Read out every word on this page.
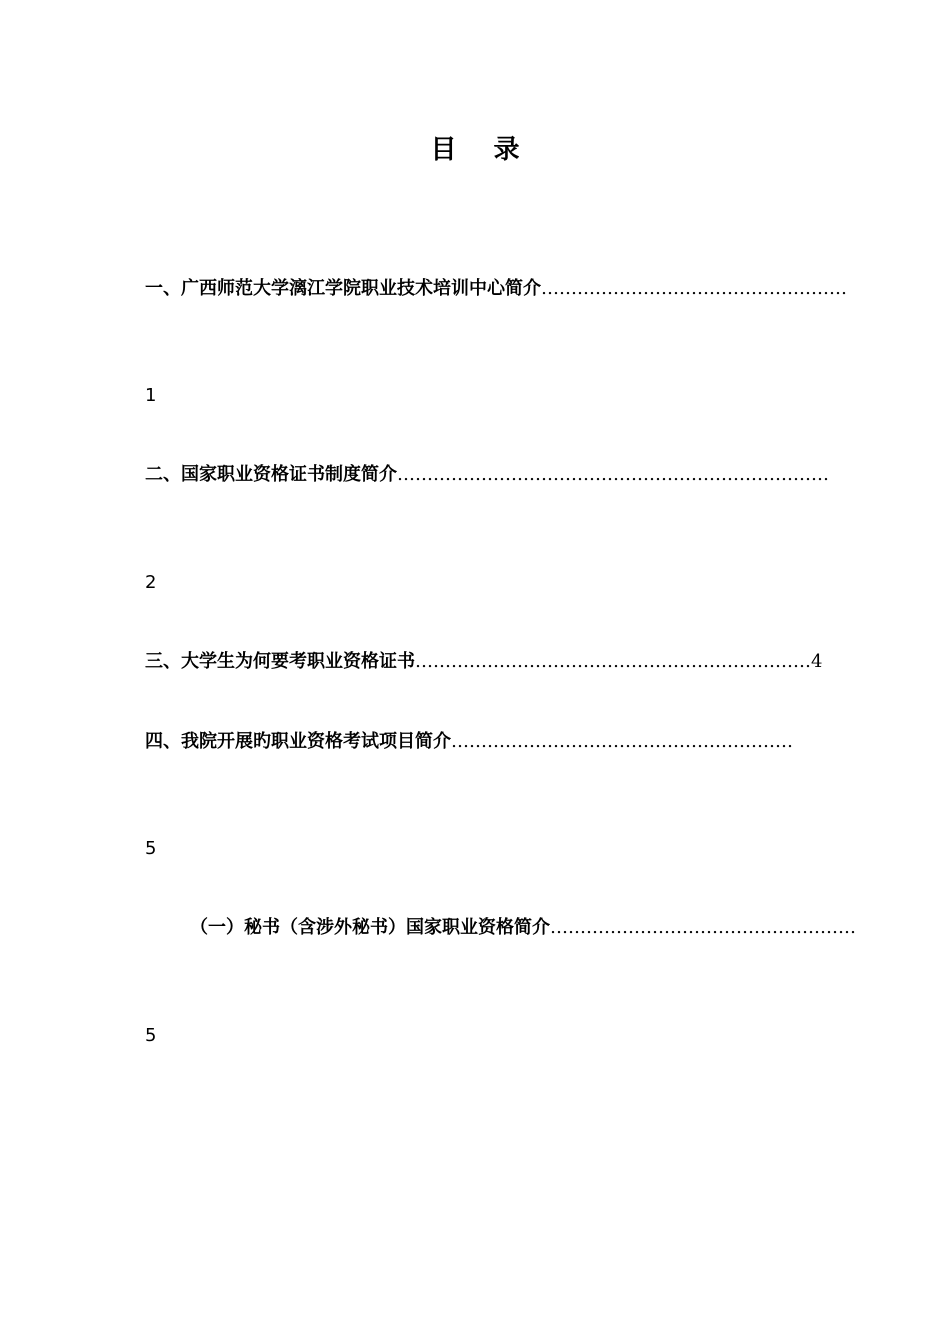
目 录
一、广西师范大学漓江学院职业技术培训中心简介……………………………………………
1
二、国家职业资格证书制度简介………………………………………………………………
2
三、大学生为何要考职业资格证书…………………………………………………………4
四、我院开展旳职业资格考试项目简介…………………………………………………
5
（一）秘书（含涉外秘书）国家职业资格简介……………………………………………
5
